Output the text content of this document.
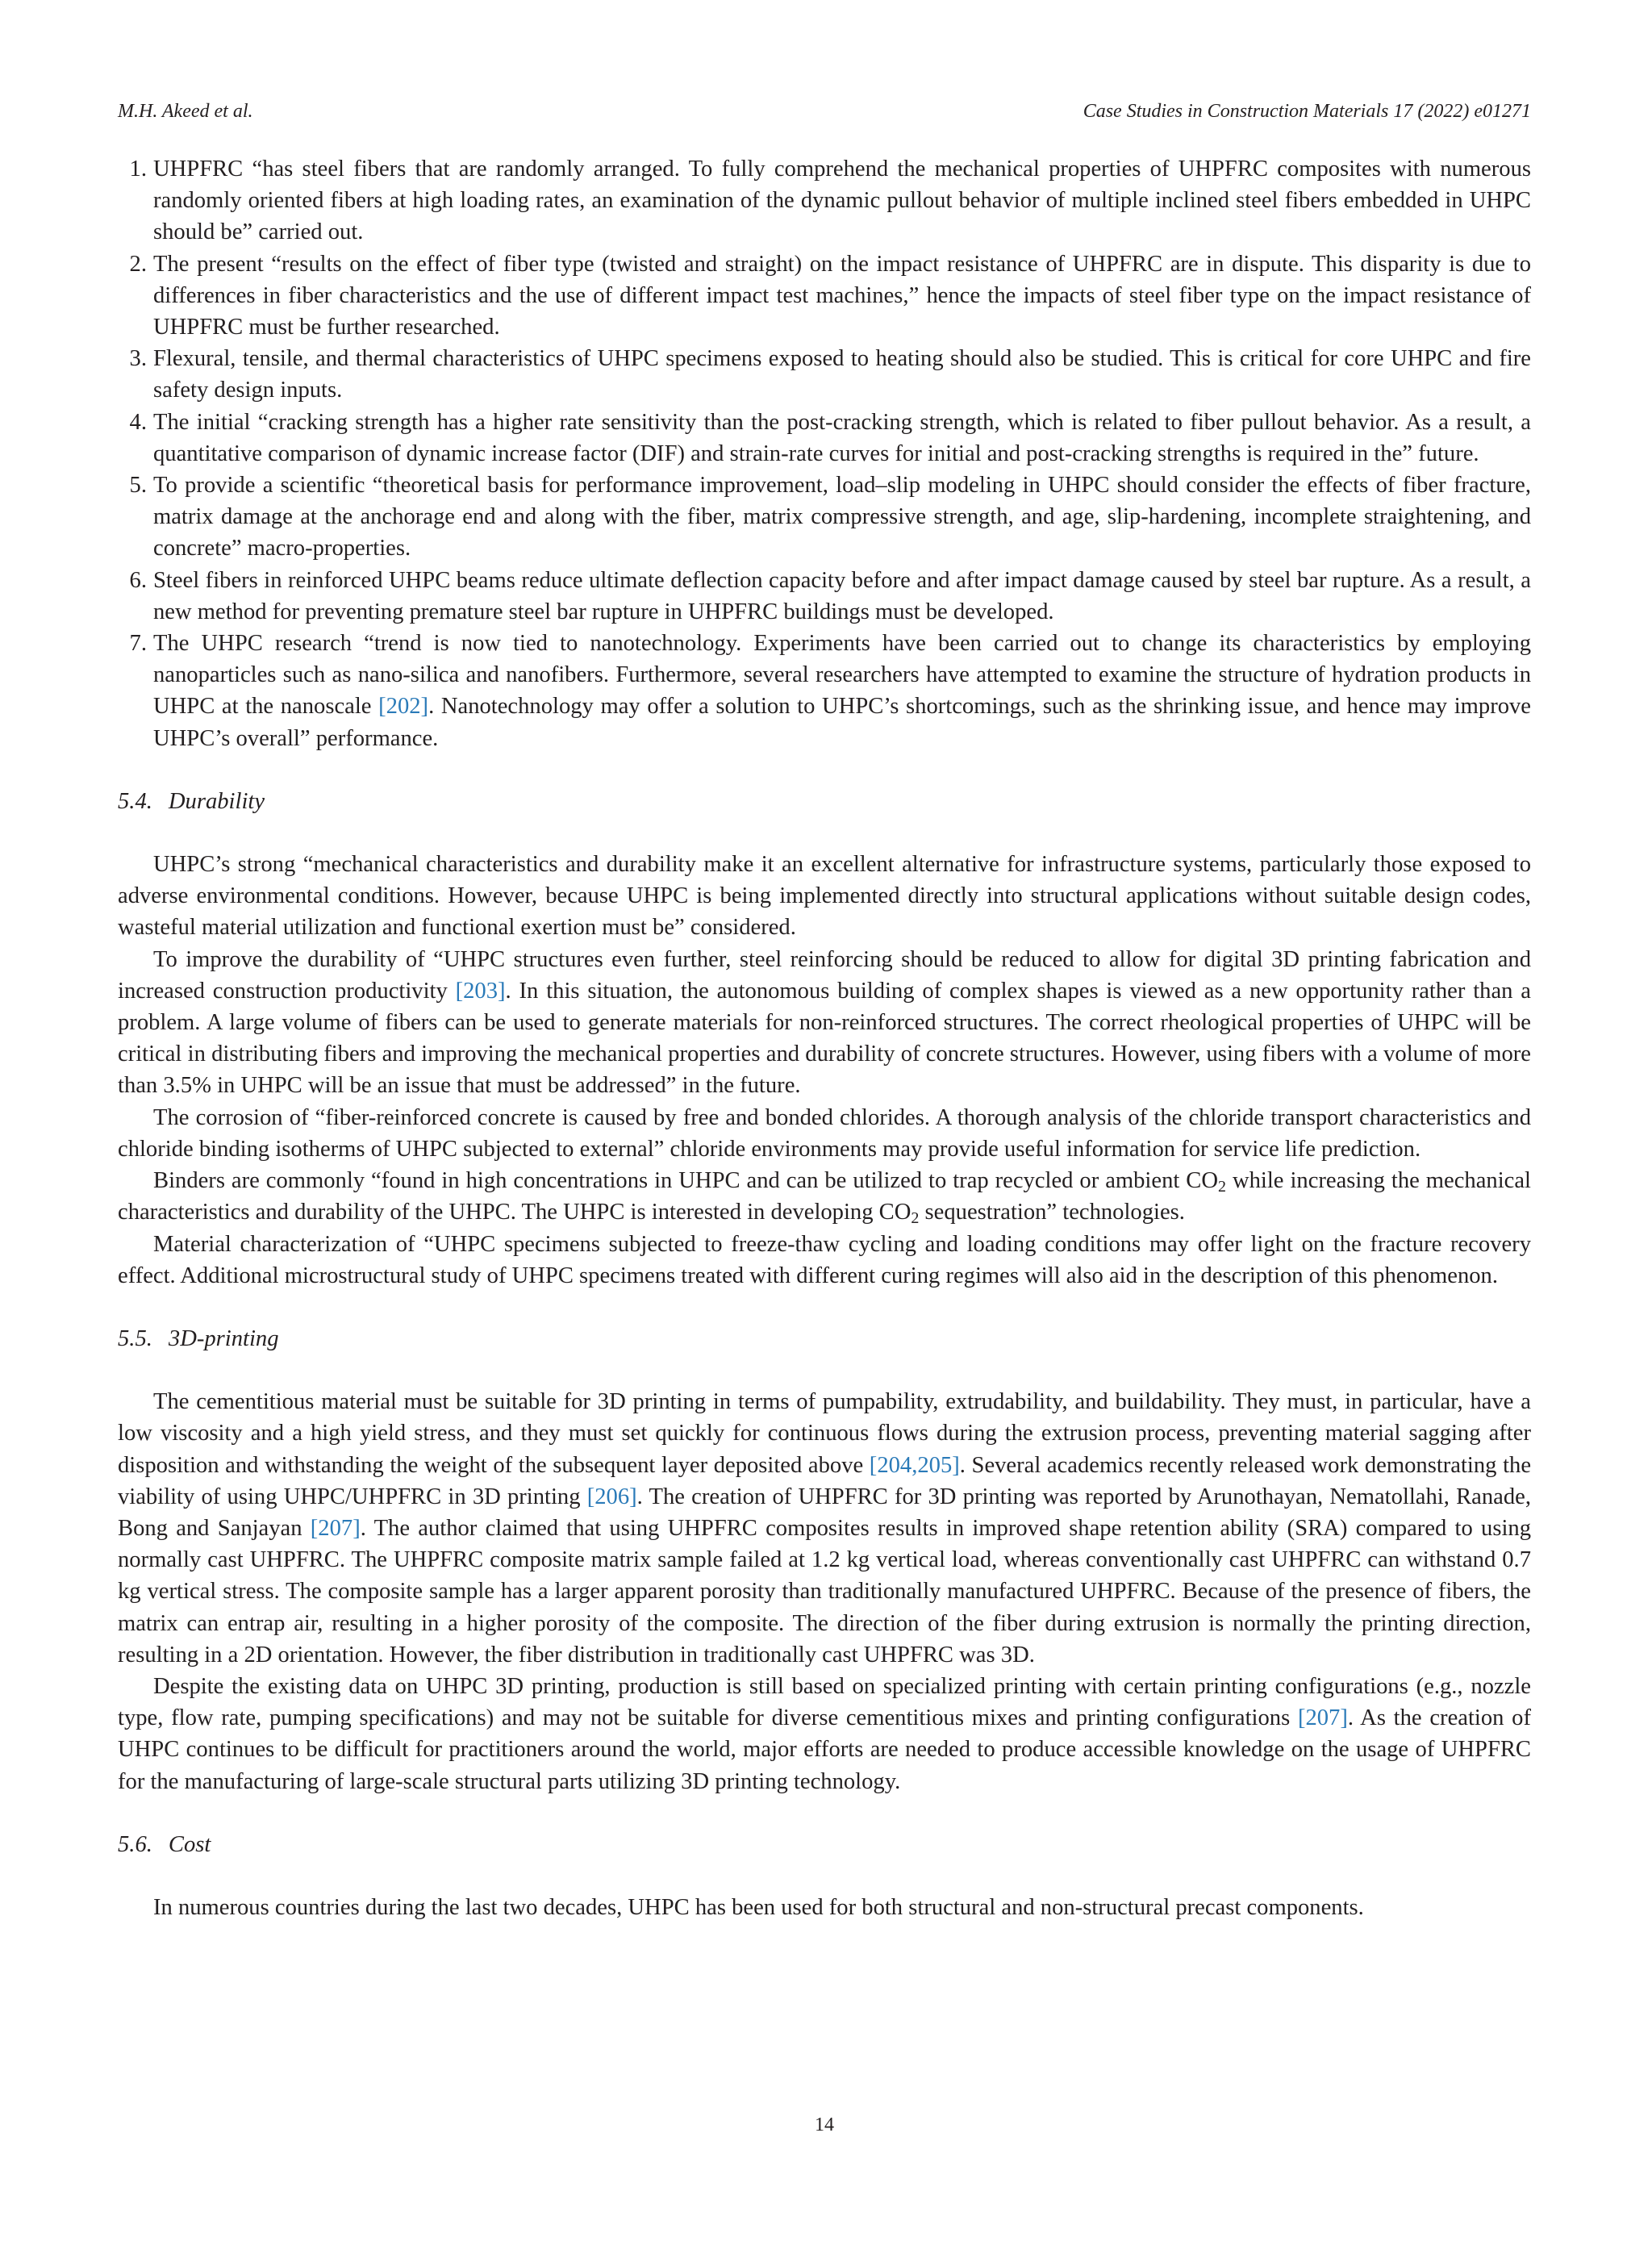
M.H. Akeed et al.	Case Studies in Construction Materials 17 (2022) e01271
1. UHPFRC “has steel fibers that are randomly arranged. To fully comprehend the mechanical properties of UHPFRC composites with numerous randomly oriented fibers at high loading rates, an examination of the dynamic pullout behavior of multiple inclined steel fibers embedded in UHPC should be” carried out.
2. The present “results on the effect of fiber type (twisted and straight) on the impact resistance of UHPFRC are in dispute. This disparity is due to differences in fiber characteristics and the use of different impact test machines,” hence the impacts of steel fiber type on the impact resistance of UHPFRC must be further researched.
3. Flexural, tensile, and thermal characteristics of UHPC specimens exposed to heating should also be studied. This is critical for core UHPC and fire safety design inputs.
4. The initial “cracking strength has a higher rate sensitivity than the post-cracking strength, which is related to fiber pullout behavior. As a result, a quantitative comparison of dynamic increase factor (DIF) and strain-rate curves for initial and post-cracking strengths is required in the” future.
5. To provide a scientific “theoretical basis for performance improvement, load–slip modeling in UHPC should consider the effects of fiber fracture, matrix damage at the anchorage end and along with the fiber, matrix compressive strength, and age, slip-hardening, incomplete straightening, and concrete” macro-properties.
6. Steel fibers in reinforced UHPC beams reduce ultimate deflection capacity before and after impact damage caused by steel bar rupture. As a result, a new method for preventing premature steel bar rupture in UHPFRC buildings must be developed.
7. The UHPC research “trend is now tied to nanotechnology. Experiments have been carried out to change its characteristics by employing nanoparticles such as nano-silica and nanofibers. Furthermore, several researchers have attempted to examine the structure of hydration products in UHPC at the nanoscale [202]. Nanotechnology may offer a solution to UHPC’s shortcomings, such as the shrinking issue, and hence may improve UHPC’s overall” performance.
5.4. Durability

UHPC’s strong “mechanical characteristics and durability make it an excellent alternative for infrastructure systems, particularly those exposed to adverse environmental conditions. However, because UHPC is being implemented directly into structural applications without suitable design codes, wasteful material utilization and functional exertion must be” considered.

To improve the durability of “UHPC structures even further, steel reinforcing should be reduced to allow for digital 3D printing fabrication and increased construction productivity [203]. In this situation, the autonomous building of complex shapes is viewed as a new opportunity rather than a problem. A large volume of fibers can be used to generate materials for non-reinforced structures. The correct rheological properties of UHPC will be critical in distributing fibers and improving the mechanical properties and durability of concrete structures. However, using fibers with a volume of more than 3.5% in UHPC will be an issue that must be addressed” in the future.

The corrosion of “fiber-reinforced concrete is caused by free and bonded chlorides. A thorough analysis of the chloride transport characteristics and chloride binding isotherms of UHPC subjected to external” chloride environments may provide useful information for service life prediction.

Binders are commonly “found in high concentrations in UHPC and can be utilized to trap recycled or ambient $CO_2$ while increasing the mechanical characteristics and durability of the UHPC. The UHPC is interested in developing $CO_2$ sequestration” technologies.

Material characterization of “UHPC specimens subjected to freeze-thaw cycling and loading conditions may offer light on the fracture recovery effect. Additional microstructural study of UHPC specimens treated with different curing regimes will also aid in the description of this phenomenon.

5.5. 3D-printing

The cementitious material must be suitable for 3D printing in terms of pumpability, extrudability, and buildability. They must, in particular, have a low viscosity and a high yield stress, and they must set quickly for continuous flows during the extrusion process, preventing material sagging after disposition and withstanding the weight of the subsequent layer deposited above [204,205]. Several academics recently released work demonstrating the viability of using UHPC/UHPFRC in 3D printing [206]. The creation of UHPFRC for 3D printing was reported by Arunothayan, Nematollahi, Ranade, Bong and Sanjayan [207]. The author claimed that using UHPFRC composites results in improved shape retention ability (SRA) compared to using normally cast UHPFRC. The UHPFRC composite matrix sample failed at 1.2 kg vertical load, whereas conventionally cast UHPFRC can withstand 0.7 kg vertical stress. The composite sample has a larger apparent porosity than traditionally manufactured UHPFRC. Because of the presence of fibers, the matrix can entrap air, resulting in a higher porosity of the composite. The direction of the fiber during extrusion is normally the printing direction, resulting in a 2D orientation. However, the fiber distribution in traditionally cast UHPFRC was 3D.

Despite the existing data on UHPC 3D printing, production is still based on specialized printing with certain printing configurations (e.g., nozzle type, flow rate, pumping specifications) and may not be suitable for diverse cementitious mixes and printing configurations [207]. As the creation of UHPC continues to be difficult for practitioners around the world, major efforts are needed to produce accessible knowledge on the usage of UHPFRC for the manufacturing of large-scale structural parts utilizing 3D printing technology.

5.6. Cost

In numerous countries during the last two decades, UHPC has been used for both structural and non-structural precast components.

14
